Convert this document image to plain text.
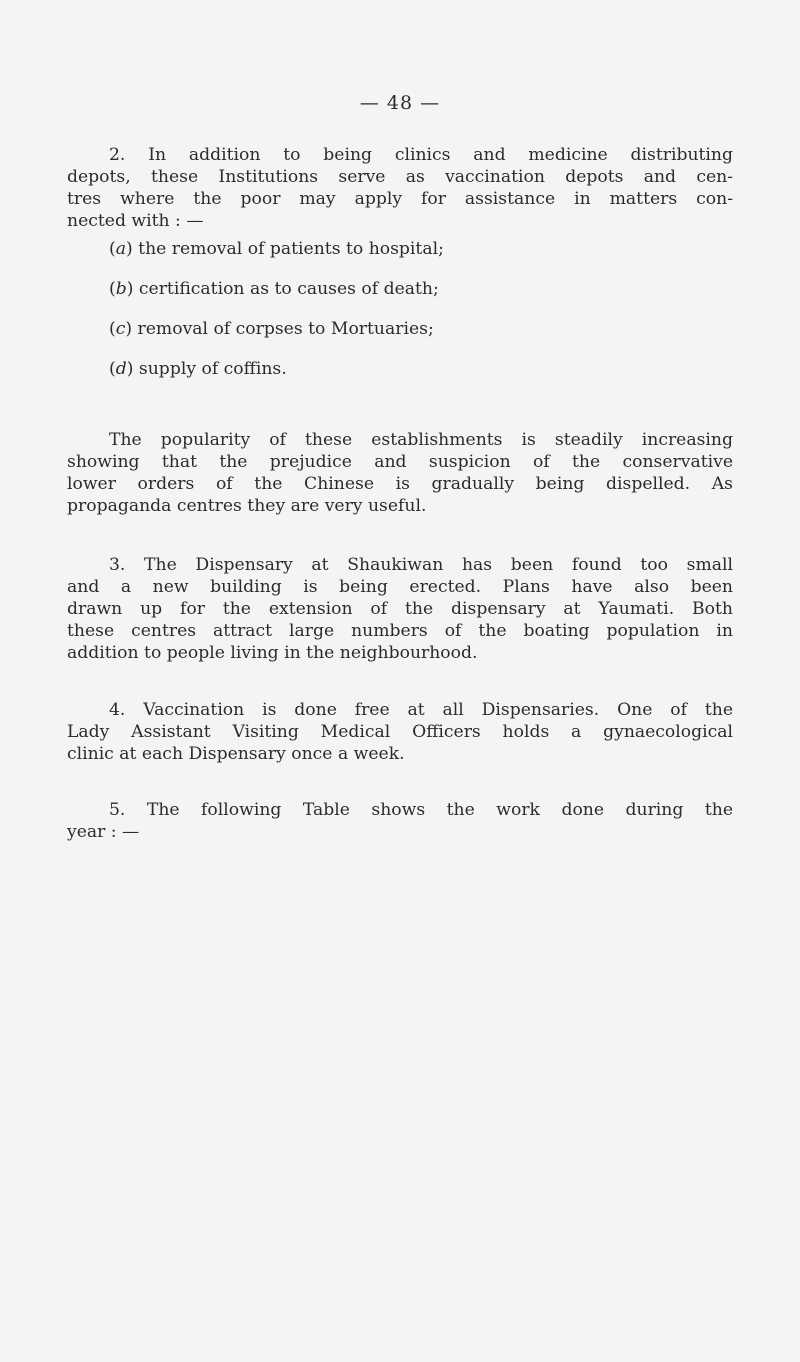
— 48 —
2. In addition to being clinics and medicine distributing
depots, these Institutions serve as vaccination depots and cen-
tres where the poor may apply for assistance in matters con-
nected with : —
(a) the removal of patients to hospital;
(b) certification as to causes of death;
(c) removal of corpses to Mortuaries;
(d) supply of coffins.
The popularity of these establishments is steadily increasing
showing that the prejudice and suspicion of the conservative
lower orders of the Chinese is gradually being dispelled. As
propaganda centres they are very useful.
3. The Dispensary at Shaukiwan has been found too small
and a new building is being erected. Plans have also been
drawn up for the extension of the dispensary at Yaumati. Both
these centres attract large numbers of the boating population in
addition to people living in the neighbourhood.
4. Vaccination is done free at all Dispensaries. One of the
Lady Assistant Visiting Medical Officers holds a gynaecological
clinic at each Dispensary once a week.
5. The following Table shows the work done during the
year : —
